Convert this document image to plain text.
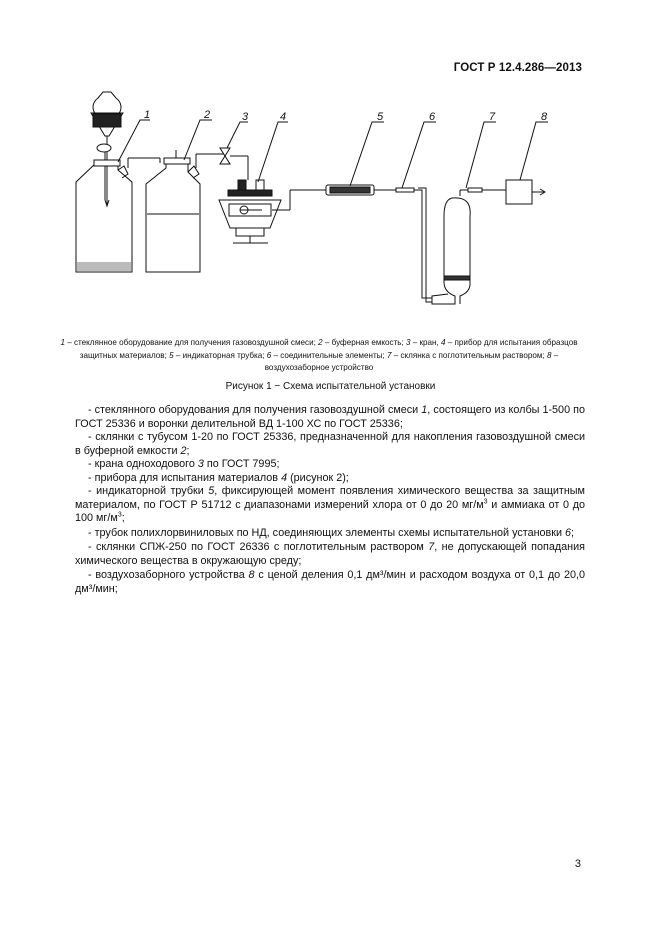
ГОСТ Р 12.4.286—2013
1	2	3	4	5	6	7	8
1 – стеклянное оборудование для получения газовоздушной смеси; 2 – буферная емкость; 3 – кран, 4 – прибор для испытания образцов защитных материалов; 5 – индикаторная трубка; 6 – соединительные элементы; 7 – склянка с поглотительным раствором; 8 – воздухозаборное устройство
Рисунок 1 − Схема испытательной установки

- стеклянного оборудования для получения газовоздушной смеси 1, состоящего из колбы 1-500 по ГОСТ 25336 и воронки делительной ВД 1-100 ХС по ГОСТ 25336;

- склянки с тубусом 1-20 по ГОСТ 25336, предназначенной для накопления газовоздушной смеси в буферной емкости 2;

- крана одноходового 3 по ГОСТ 7995;

- прибора для испытания материалов 4 (рисунок 2);

- индикаторной трубки 5, фиксирующей момент появления химического вещества за защитным материалом, по ГОСТ Р 51712 с диапазонами измерений хлора от 0 до 20 $мг/м^3$ и аммиака от 0 до 100 $мг/м^3$;

- трубок полихлорвиниловых по НД, соединяющих элементы схемы испытательной установки 6;

- склянки СПЖ-250 по ГОСТ 26336 с поглотительным раствором 7, не допускающей попадания химического вещества в окружающую среду;

- воздухозаборного устройства 8 с ценой деления 0,1 дм³/мин и расходом воздуха от 0,1 до 20,0 дм³/мин;

3
